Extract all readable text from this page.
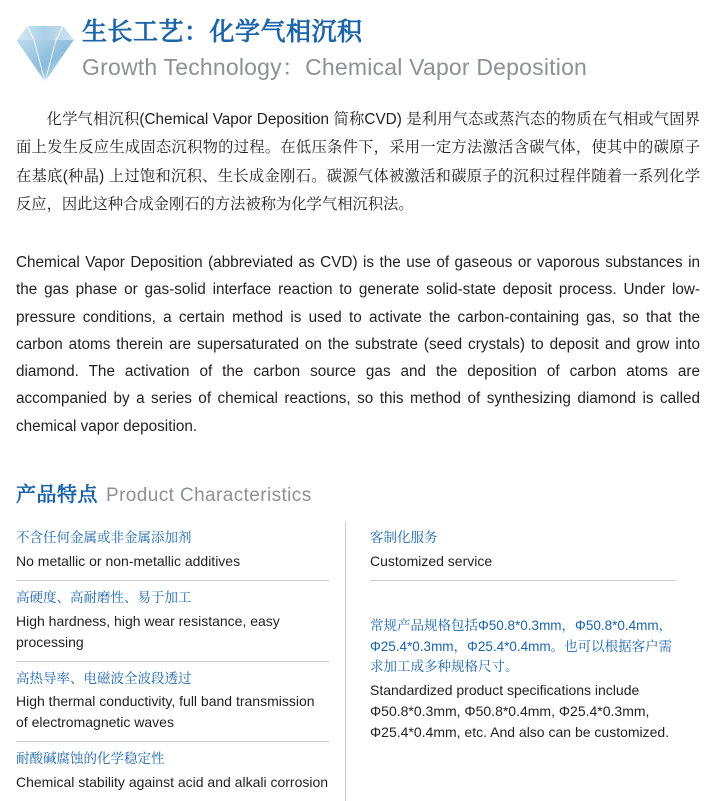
生长工艺：化学气相沉积
Growth Technology：Chemical Vapor Deposition

化学气相沉积(Chemical Vapor Deposition 简称CVD) 是利用气态或蒸汽态的物质在气相或气固界面上发生反应生成固态沉积物的过程。在低压条件下，采用一定方法激活含碳气体，使其中的碳原子在基底(种晶) 上过饱和沉积、生长成金刚石。碳源气体被激活和碳原子的沉积过程伴随着一系列化学反应，因此这种合成金刚石的方法被称为化学气相沉积法。

Chemical Vapor Deposition (abbreviated as CVD) is the use of gaseous or vaporous substances in the gas phase or gas-solid interface reaction to generate solid-state deposit process. Under low-pressure conditions, a certain method is used to activate the carbon-containing gas, so that the carbon atoms therein are supersaturated on the substrate (seed crystals) to deposit and grow into diamond. The activation of the carbon source gas and the deposition of carbon atoms are accompanied by a series of chemical reactions, so this method of synthesizing diamond is called chemical vapor deposition.

产品特点 Product Characteristics
不含任何金属或非金属添加剂
No metallic or non-metallic additives
高硬度、高耐磨性、易于加工
High hardness, high wear resistance, easy processing
高热导率、电磁波全波段透过
High thermal conductivity, full band transmission of electromagnetic waves
耐酸碱腐蚀的化学稳定性
Chemical stability against acid and alkali corrosion
客制化服务
Customized service
常规产品规格包括Φ50.8*0.3mm，Φ50.8*0.4mm，Φ25.4*0.3mm，Φ25.4*0.4mm。也可以根据客户需求加工成多种规格尺寸。
Standardized product specifications include Φ50.8*0.3mm, Φ50.8*0.4mm, Φ25.4*0.3mm, Φ25.4*0.4mm, etc. And also can be customized.
